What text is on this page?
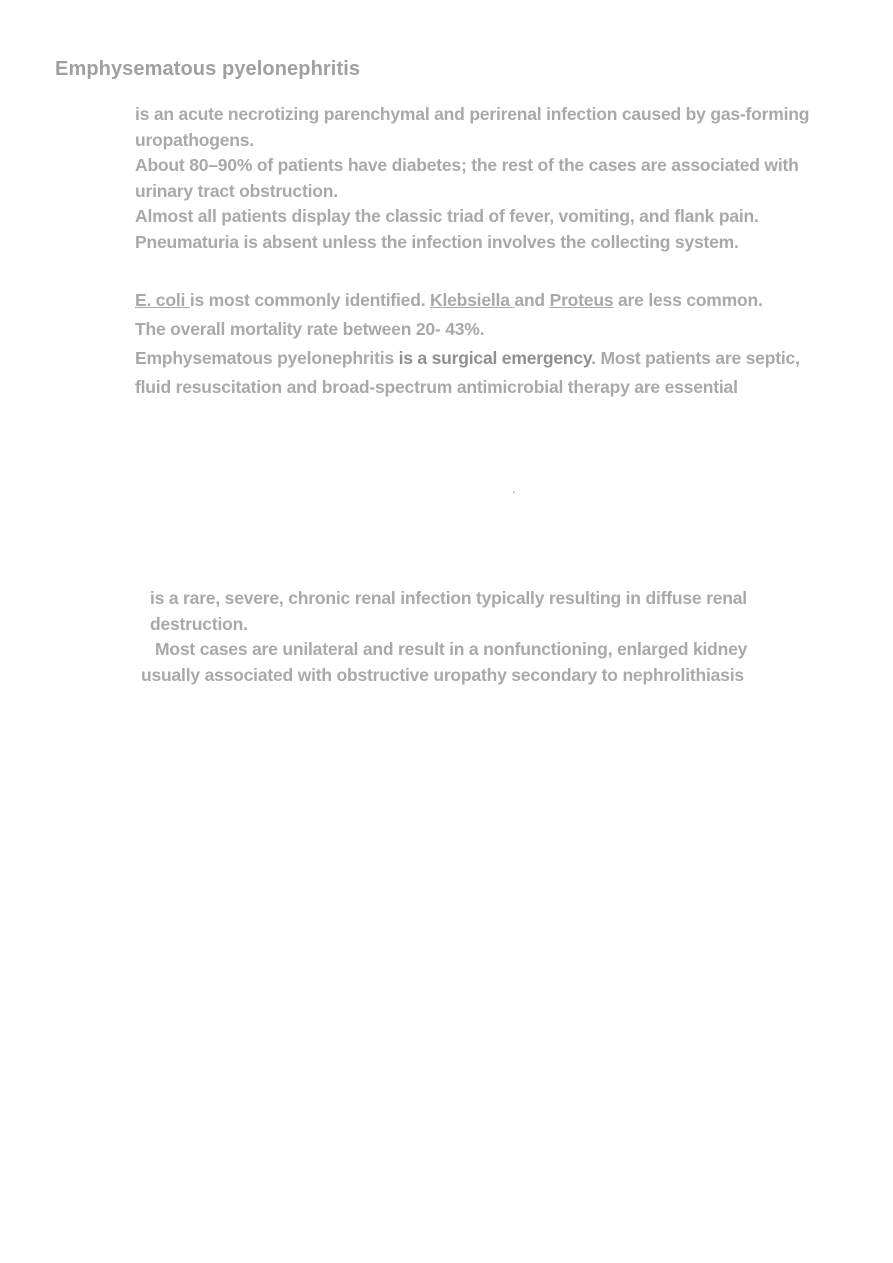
Emphysematous pyelonephritis

is an acute necrotizing parenchymal and perirenal infection caused by gas-forming

uropathogens.

About 80–90% of patients have diabetes; the rest of the cases are associated with

urinary tract obstruction.

Almost all patients display the classic triad of fever, vomiting, and flank pain.

Pneumaturia is absent unless the infection involves the collecting system.

E. coli is most commonly identified. Klebsiella and Proteus are less common.

The overall mortality rate between 20- 43%.

Emphysematous pyelonephritis is a surgical emergency. Most patients are septic,

fluid resuscitation and broad-spectrum antimicrobial therapy are essential

.

is a rare, severe, chronic renal infection typically resulting in diffuse renal

destruction.

Most cases are unilateral and result in a nonfunctioning, enlarged kidney

usually associated with obstructive uropathy secondary to nephrolithiasis
